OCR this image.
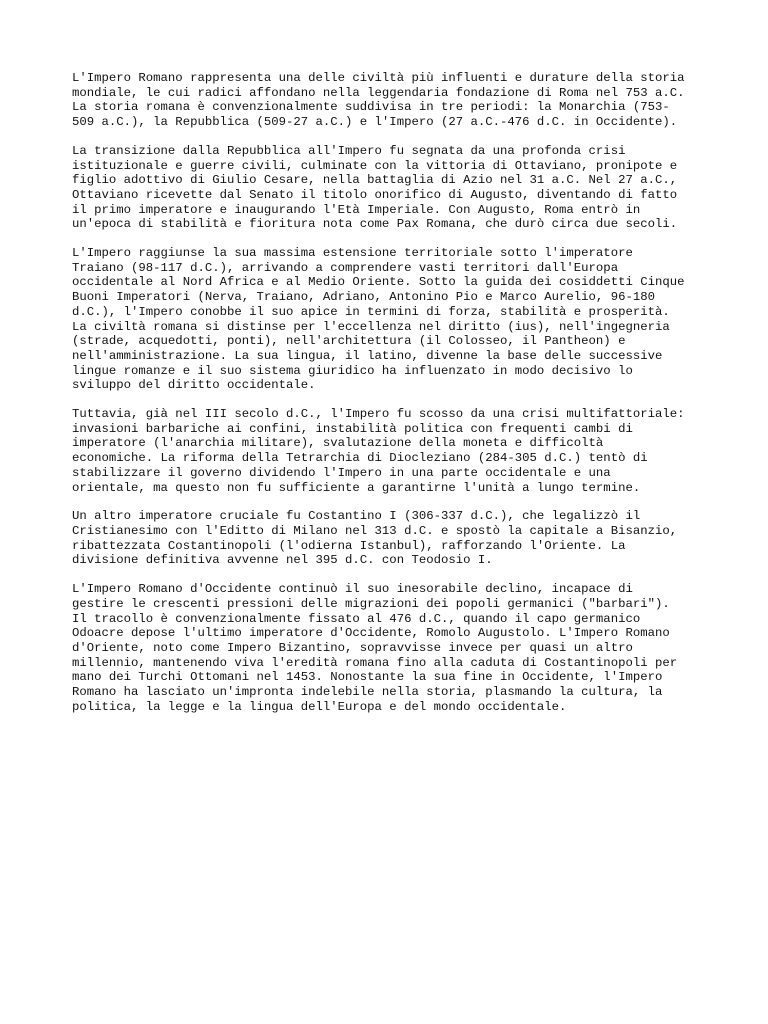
L'Impero Romano rappresenta una delle civiltà più influenti e durature della storia
mondiale, le cui radici affondano nella leggendaria fondazione di Roma nel 753 a.C.
La storia romana è convenzionalmente suddivisa in tre periodi: la Monarchia (753-
509 a.C.), la Repubblica (509-27 a.C.) e l'Impero (27 a.C.-476 d.C. in Occidente).

La transizione dalla Repubblica all'Impero fu segnata da una profonda crisi
istituzionale e guerre civili, culminate con la vittoria di Ottaviano, pronipote e
figlio adottivo di Giulio Cesare, nella battaglia di Azio nel 31 a.C. Nel 27 a.C.,
Ottaviano ricevette dal Senato il titolo onorifico di Augusto, diventando di fatto
il primo imperatore e inaugurando l'Età Imperiale. Con Augusto, Roma entrò in
un'epoca di stabilità e fioritura nota come Pax Romana, che durò circa due secoli.

L'Impero raggiunse la sua massima estensione territoriale sotto l'imperatore
Traiano (98-117 d.C.), arrivando a comprendere vasti territori dall'Europa
occidentale al Nord Africa e al Medio Oriente. Sotto la guida dei cosiddetti Cinque
Buoni Imperatori (Nerva, Traiano, Adriano, Antonino Pio e Marco Aurelio, 96-180
d.C.), l'Impero conobbe il suo apice in termini di forza, stabilità e prosperità.
La civiltà romana si distinse per l'eccellenza nel diritto (ius), nell'ingegneria
(strade, acquedotti, ponti), nell'architettura (il Colosseo, il Pantheon) e
nell'amministrazione. La sua lingua, il latino, divenne la base delle successive
lingue romanze e il suo sistema giuridico ha influenzato in modo decisivo lo
sviluppo del diritto occidentale.

Tuttavia, già nel III secolo d.C., l'Impero fu scosso da una crisi multifattoriale:
invasioni barbariche ai confini, instabilità politica con frequenti cambi di
imperatore (l'anarchia militare), svalutazione della moneta e difficoltà
economiche. La riforma della Tetrarchia di Diocleziano (284-305 d.C.) tentò di
stabilizzare il governo dividendo l'Impero in una parte occidentale e una
orientale, ma questo non fu sufficiente a garantirne l'unità a lungo termine.

Un altro imperatore cruciale fu Costantino I (306-337 d.C.), che legalizzò il
Cristianesimo con l'Editto di Milano nel 313 d.C. e spostò la capitale a Bisanzio,
ribattezzata Costantinopoli (l'odierna Istanbul), rafforzando l'Oriente. La
divisione definitiva avvenne nel 395 d.C. con Teodosio I.

L'Impero Romano d'Occidente continuò il suo inesorabile declino, incapace di
gestire le crescenti pressioni delle migrazioni dei popoli germanici ("barbari").
Il tracollo è convenzionalmente fissato al 476 d.C., quando il capo germanico
Odoacre depose l'ultimo imperatore d'Occidente, Romolo Augustolo. L'Impero Romano
d'Oriente, noto come Impero Bizantino, sopravvisse invece per quasi un altro
millennio, mantenendo viva l'eredità romana fino alla caduta di Costantinopoli per
mano dei Turchi Ottomani nel 1453. Nonostante la sua fine in Occidente, l'Impero
Romano ha lasciato un'impronta indelebile nella storia, plasmando la cultura, la
politica, la legge e la lingua dell'Europa e del mondo occidentale.
